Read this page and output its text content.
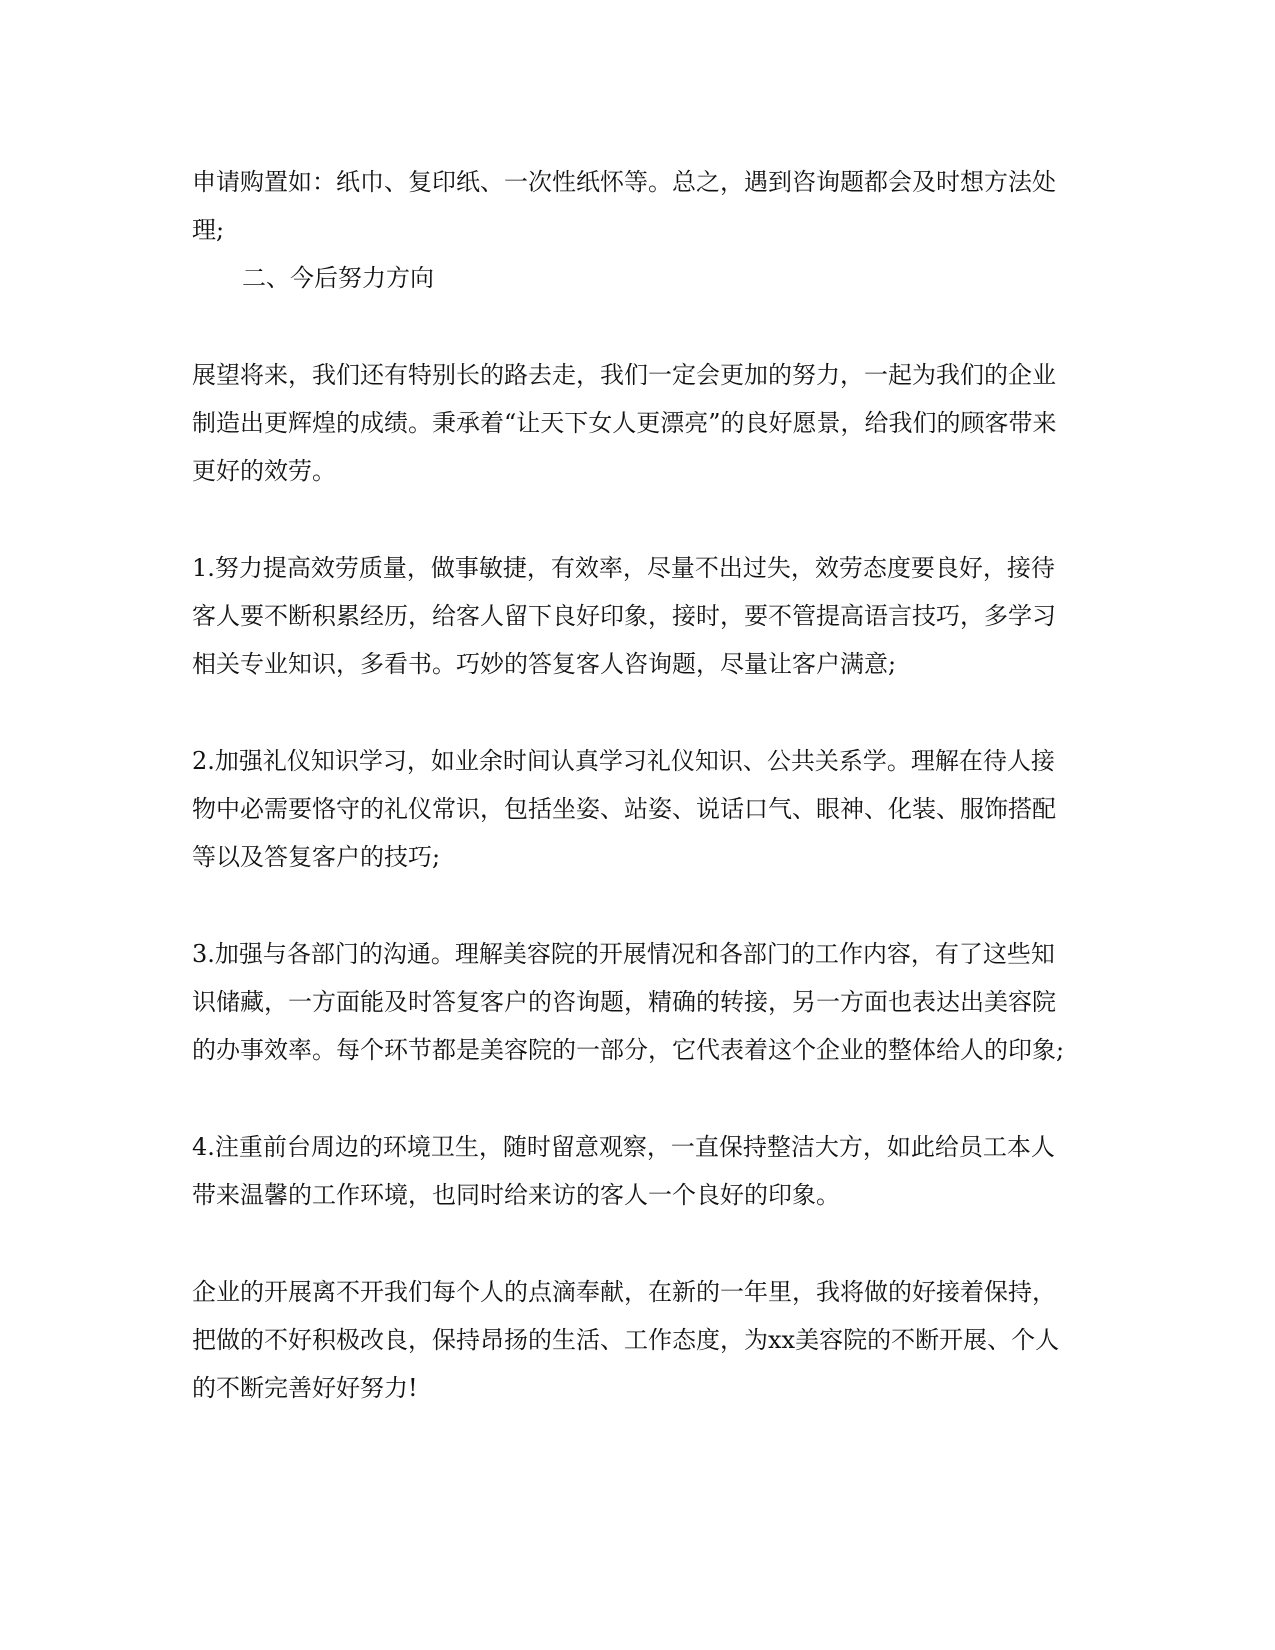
申请购置如：纸巾、复印纸、一次性纸怀等。总之，遇到咨询题都会及时想方法处理;

二、今后努力方向

展望将来，我们还有特别长的路去走，我们一定会更加的努力，一起为我们的企业制造出更辉煌的成绩。秉承着“让天下女人更漂亮”的良好愿景，给我们的顾客带来更好的效劳。

1.努力提高效劳质量，做事敏捷，有效率，尽量不出过失，效劳态度要良好，接待客人要不断积累经历，给客人留下良好印象，接时，要不管提高语言技巧，多学习相关专业知识，多看书。巧妙的答复客人咨询题，尽量让客户满意;

2.加强礼仪知识学习，如业余时间认真学习礼仪知识、公共关系学。理解在待人接物中必需要恪守的礼仪常识，包括坐姿、站姿、说话口气、眼神、化装、服饰搭配等以及答复客户的技巧;

3.加强与各部门的沟通。理解美容院的开展情况和各部门的工作内容，有了这些知识储藏，一方面能及时答复客户的咨询题，精确的转接，另一方面也表达出美容院的办事效率。每个环节都是美容院的一部分，它代表着这个企业的整体给人的印象;

4.注重前台周边的环境卫生，随时留意观察，一直保持整洁大方，如此给员工本人带来温馨的工作环境，也同时给来访的客人一个良好的印象。

企业的开展离不开我们每个人的点滴奉献，在新的一年里，我将做的好接着保持，把做的不好积极改良，保持昂扬的生活、工作态度，为xx美容院的不断开展、个人的不断完善好好努力!
